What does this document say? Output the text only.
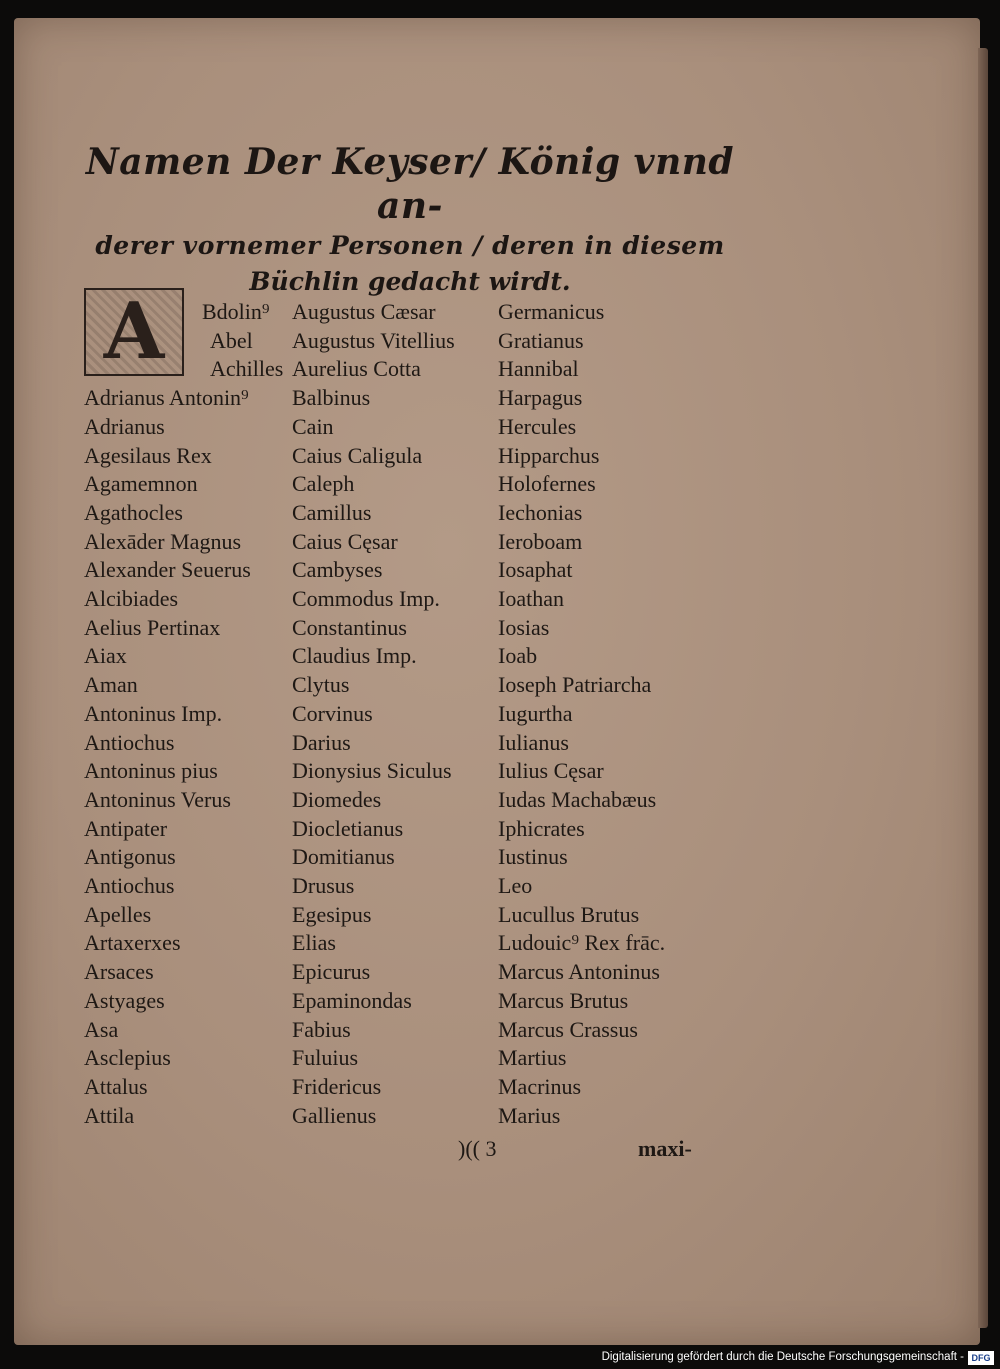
Namen Der Keyser/ König vnnd an-
derer vornemer Personen / deren in diesem
Büchlin gedacht wirdt.
A Bdolin⁹
Abel
Achilles
Adrianus Antonin⁹
Adrianus
Agesilaus Rex
Agamemnon
Agathocles
Alexāder Magnus
Alexander Seuerus
Alcibiades
Aelius Pertinax
Aiax
Aman
Antoninus Imp.
Antiochus
Antoninus pius
Antoninus Verus
Antipater
Antigonus
Antiochus
Apelles
Artaxerxes
Arsaces
Astyages
Asa
Asclepius
Attalus
Attila
Augustus Cæsar
Augustus Vitellius
Aurelius Cotta
Balbinus
Cain
Caius Caligula
Caleph
Camillus
Caius Cęsar
Cambyses
Commodus Imp.
Constantinus
Claudius Imp.
Clytus
Corvinus
Darius
Dionysius Siculus
Diomedes
Diocletianus
Domitianus
Drusus
Egesipus
Elias
Epicurus
Epaminondas
Fabius
Fuluius
Fridericus
Gallienus
Germanicus
Gratianus
Hannibal
Harpagus
Hercules
Hipparchus
Holofernes
Iechonias
Ieroboam
Iosaphat
Ioathan
Iosias
Ioab
Ioseph Patriarcha
Iugurtha
Iulianus
Iulius Cęsar
Iudas Machabæus
Iphicrates
Iustinus
Leo
Lucullus Brutus
Ludouic⁹ Rex frāc.
Marcus Antoninus
Marcus Brutus
Marcus Crassus
Martius
Macrinus
Marius
)(( 3	maxi-
Digitalisierung gefördert durch die Deutsche Forschungsgemeinschaft - DFG
